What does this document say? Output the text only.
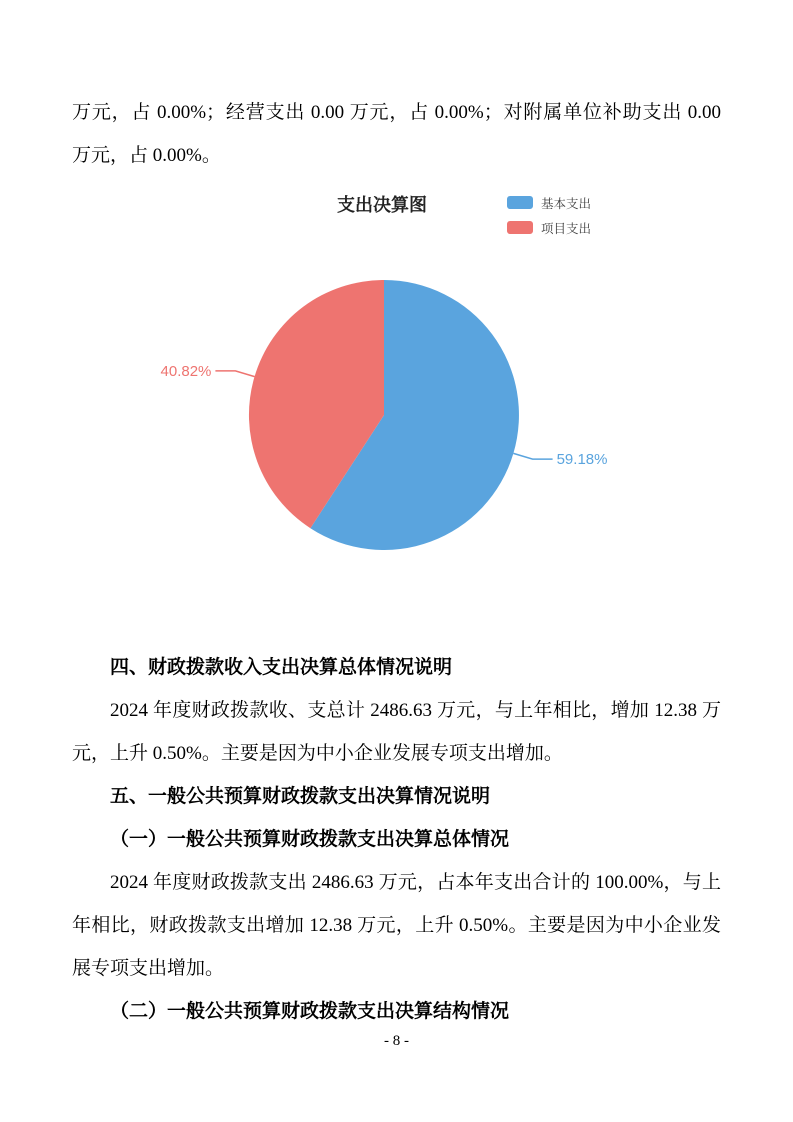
万元，占 0.00%；经营支出 0.00 万元，占 0.00%；对附属单位补助支出 0.00 万元，占 0.00%。

支出决算图	基本支出
项目支出
59.18%
40.82%

四、财政拨款收入支出决算总体情况说明

2024 年度财政拨款收、支总计 2486.63 万元，与上年相比，增加 12.38 万元，上升 0.50%。主要是因为中小企业发展专项支出增加。

五、一般公共预算财政拨款支出决算情况说明

（一）一般公共预算财政拨款支出决算总体情况

2024 年度财政拨款支出 2486.63 万元，占本年支出合计的 100.00%，与上年相比，财政拨款支出增加 12.38 万元，上升 0.50%。主要是因为中小企业发展专项支出增加。

（二）一般公共预算财政拨款支出决算结构情况

- 8 -
